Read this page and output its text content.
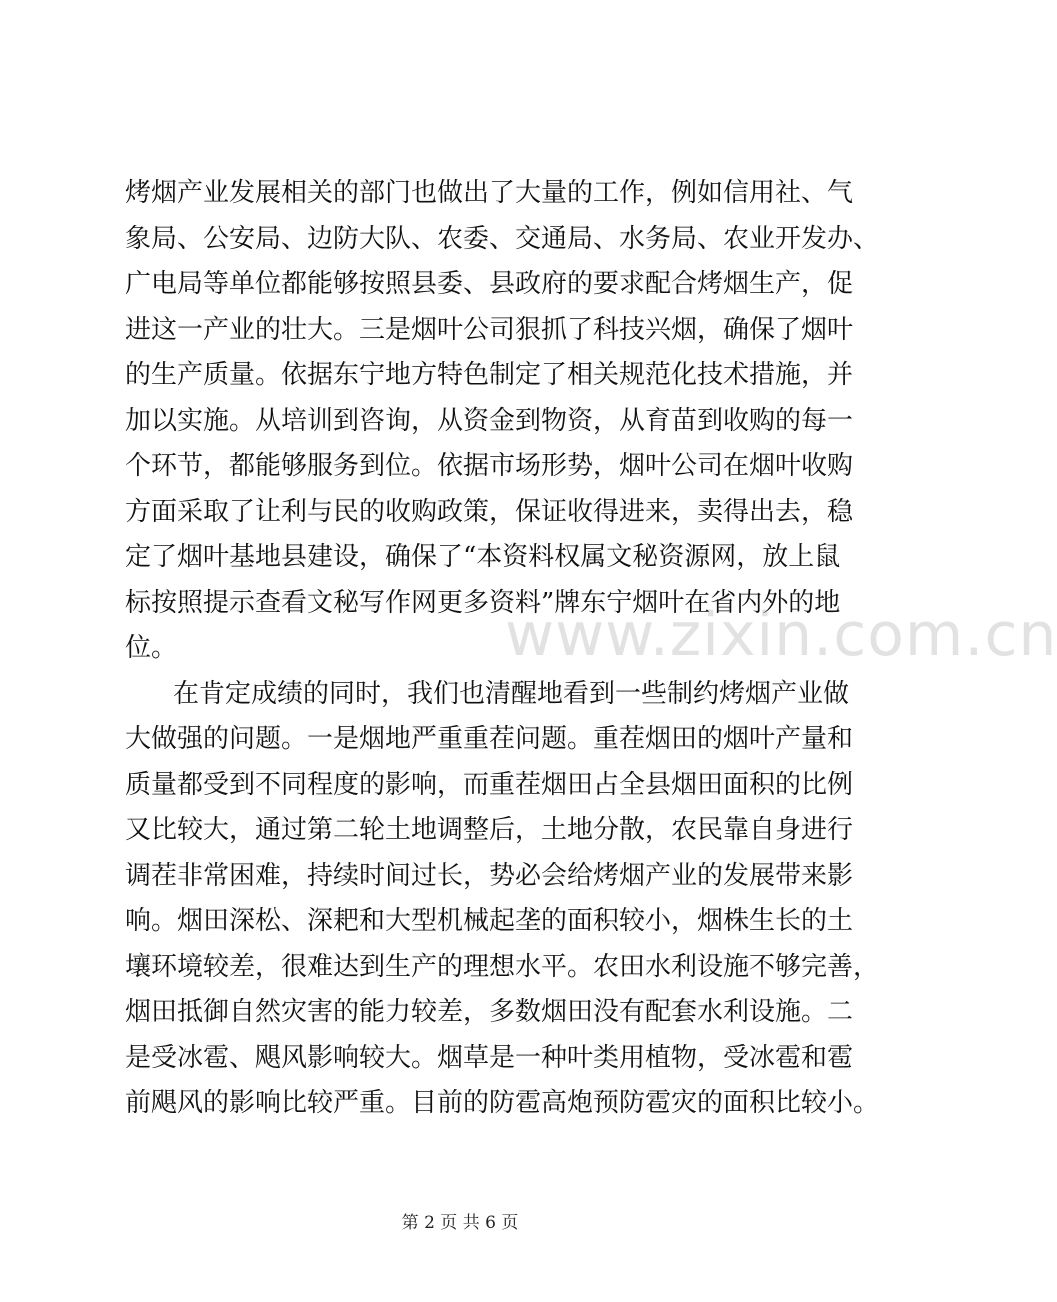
烤烟产业发展相关的部门也做出了大量的工作，例如信用社、气
象局、公安局、边防大队、农委、交通局、水务局、农业开发办、
广电局等单位都能够按照县委、县政府的要求配合烤烟生产，促
进这一产业的壮大。三是烟叶公司狠抓了科技兴烟，确保了烟叶
的生产质量。依据东宁地方特色制定了相关规范化技术措施，并
加以实施。从培训到咨询，从资金到物资，从育苗到收购的每一
个环节，都能够服务到位。依据市场形势，烟叶公司在烟叶收购
方面采取了让利与民的收购政策，保证收得进来，卖得出去，稳
定了烟叶基地县建设，确保了“本资料权属文秘资源网，放上鼠
标按照提示查看文秘写作网更多资料”牌东宁烟叶在省内外的地
位。
在肯定成绩的同时，我们也清醒地看到一些制约烤烟产业做
大做强的问题。一是烟地严重重茬问题。重茬烟田的烟叶产量和
质量都受到不同程度的影响，而重茬烟田占全县烟田面积的比例
又比较大，通过第二轮土地调整后，土地分散，农民靠自身进行
调茬非常困难，持续时间过长，势必会给烤烟产业的发展带来影
响。烟田深松、深耙和大型机械起垄的面积较小，烟株生长的土
壤环境较差，很难达到生产的理想水平。农田水利设施不够完善，
烟田抵御自然灾害的能力较差，多数烟田没有配套水利设施。二
是受冰雹、飓风影响较大。烟草是一种叶类用植物，受冰雹和雹
前飓风的影响比较严重。目前的防雹高炮预防雹灾的面积比较小。
www.zixin.com.cn
第 2 页 共 6 页
